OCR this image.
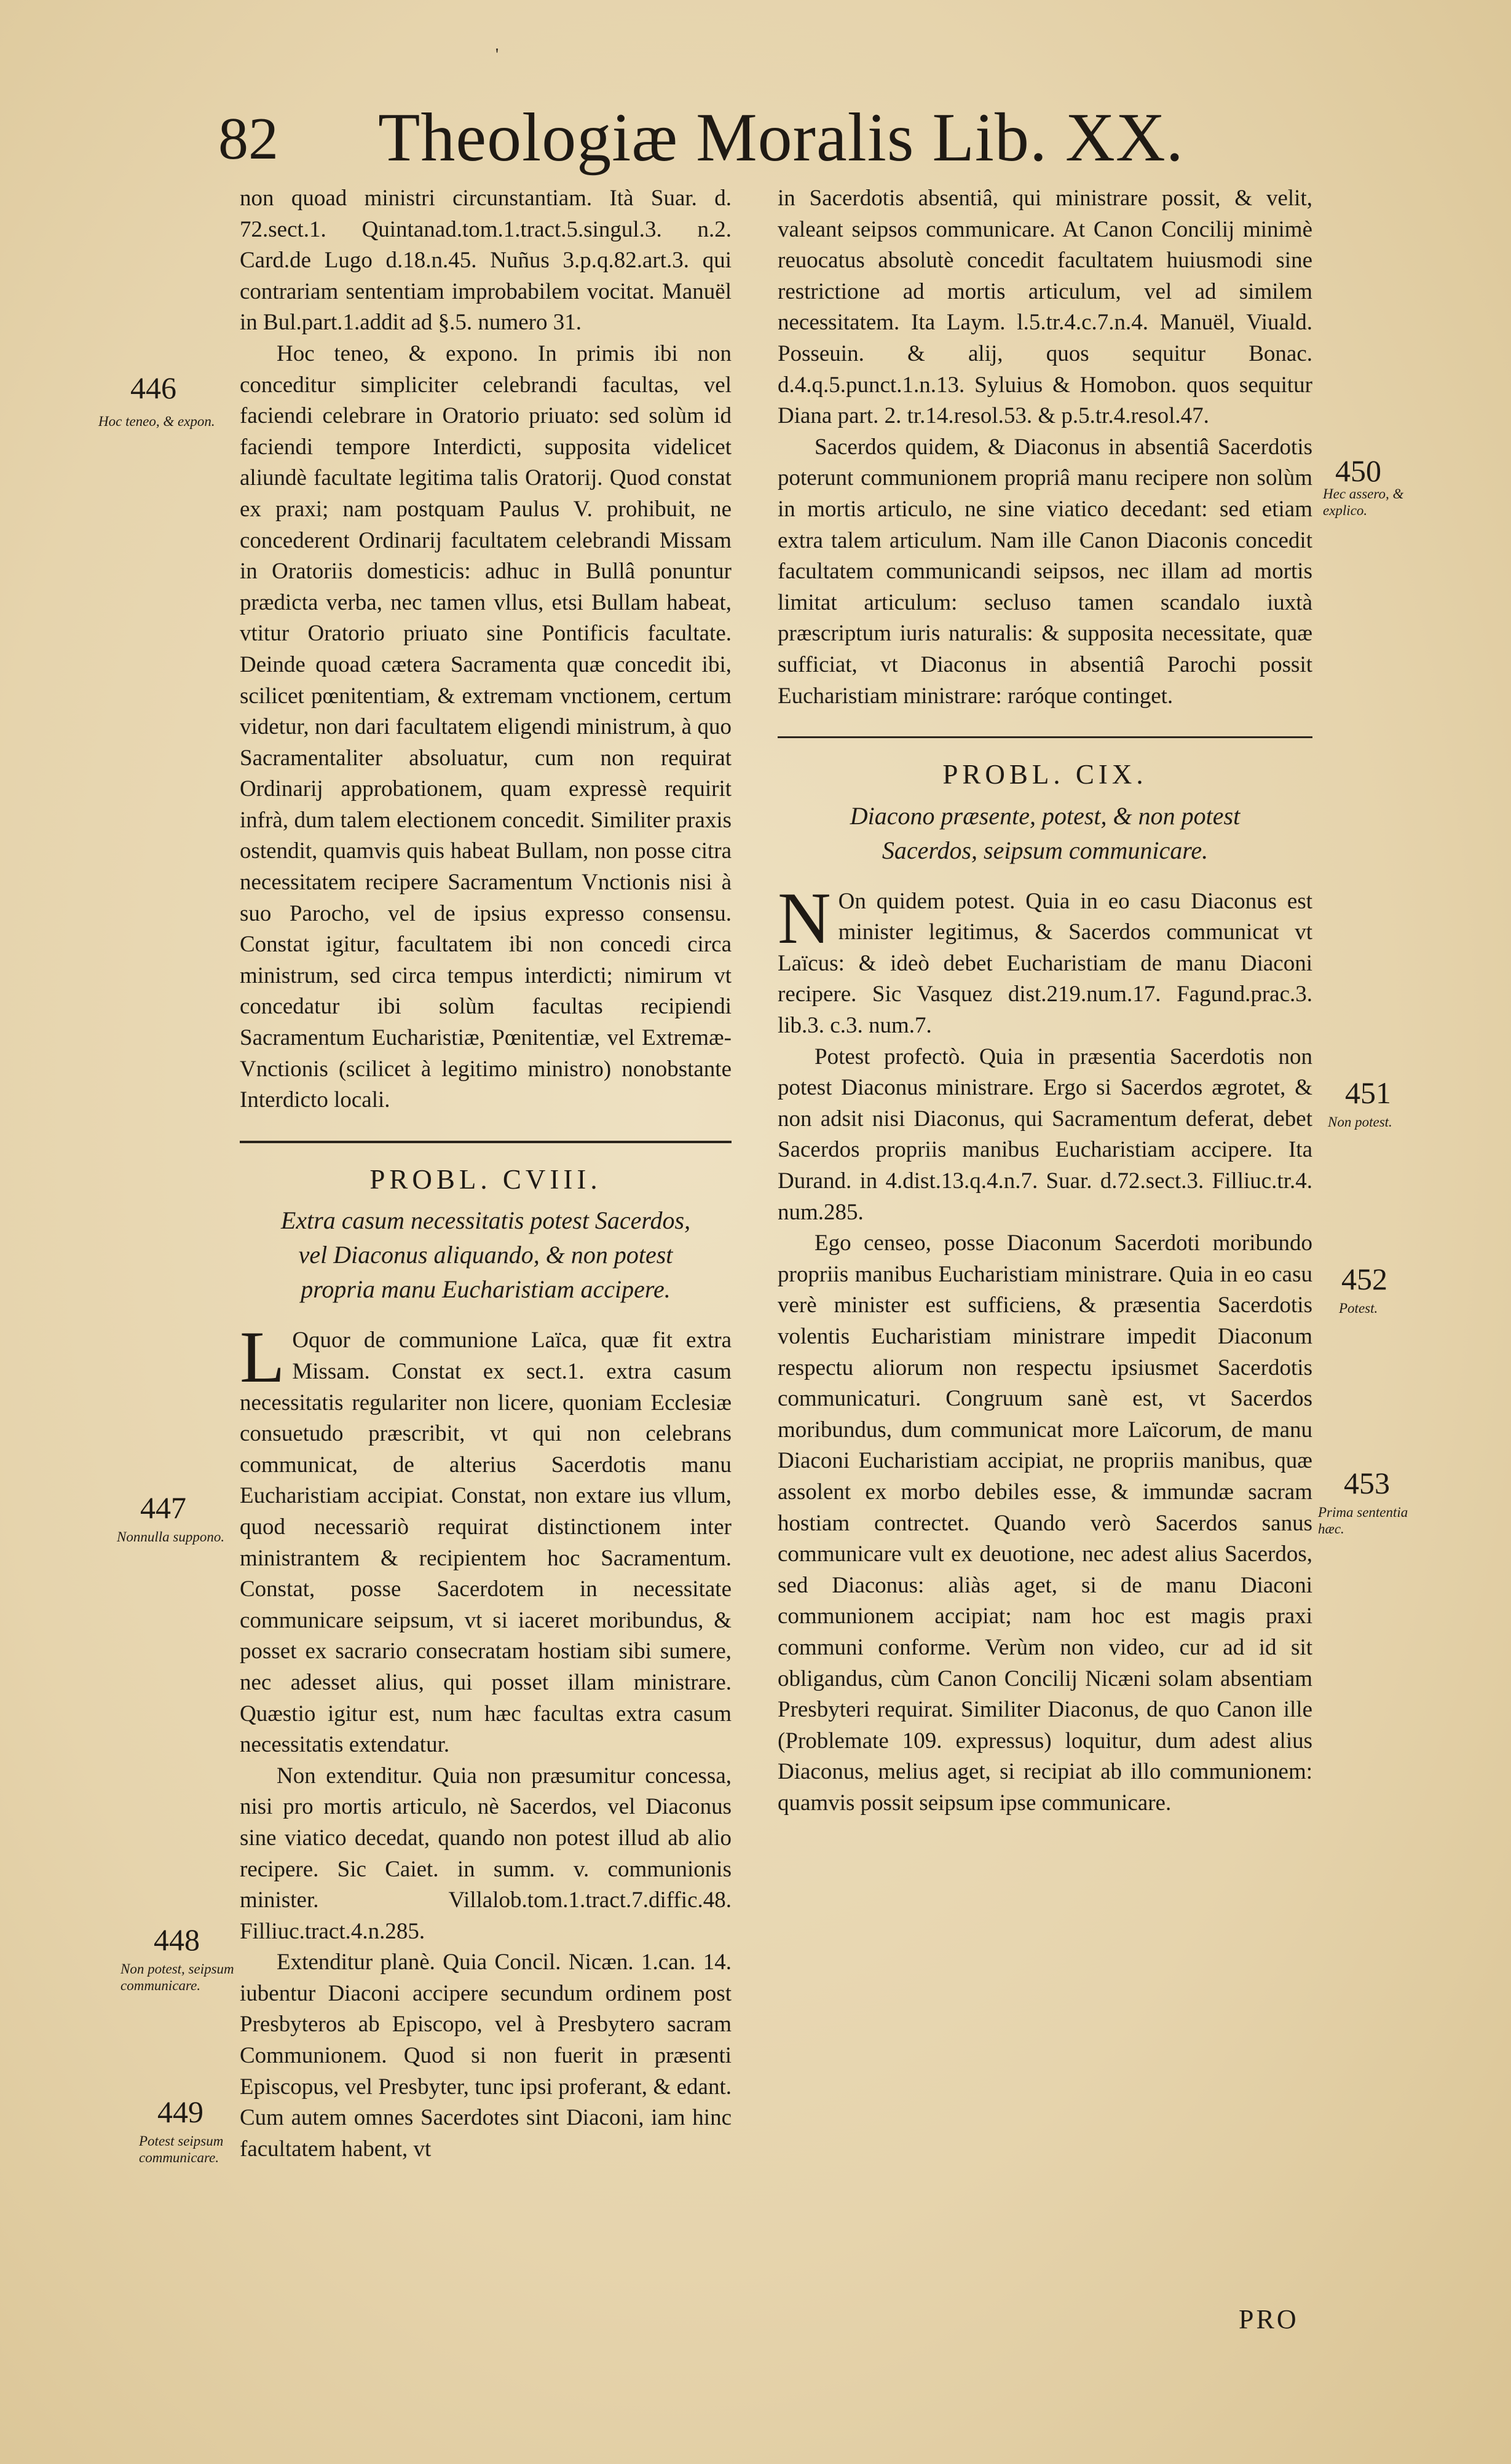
'
82 Theologiæ Moralis Lib. XX.

non quoad ministri circunstantiam. Ità Suar. d. 72.sect.1. Quintanad.tom.1.tract.5.singul.3. n.2. Card.de Lugo d.18.n.45. Nuñus 3.p.q.82.art.3. qui contrariam sententiam improbabilem vocitat. Manuël in Bul.part.1.addit ad §.5. numero 31.

Hoc teneo, & expono. In primis ibi non conceditur simpliciter celebrandi facultas, vel faciendi celebrare in Oratorio priuato: sed solùm id faciendi tempore Interdicti, supposita videlicet aliundè facultate legitima talis Oratorij. Quod constat ex praxi; nam postquam Paulus V. prohibuit, ne concederent Ordinarij facultatem celebrandi Missam in Oratoriis domesticis: adhuc in Bullâ ponuntur prædicta verba, nec tamen vllus, etsi Bullam habeat, vtitur Oratorio priuato sine Pontificis facultate. Deinde quoad cætera Sacramenta quæ concedit ibi, scilicet pœnitentiam, & extremam vnctionem, certum videtur, non dari facultatem eligendi ministrum, à quo Sacramentaliter absoluatur, cum non requirat Ordinarij approbationem, quam expressè requirit infrà, dum talem electionem concedit. Similiter praxis ostendit, quamvis quis habeat Bullam, non posse citra necessitatem recipere Sacramentum Vnctionis nisi à suo Parocho, vel de ipsius expresso consensu. Constat igitur, facultatem ibi non concedi circa ministrum, sed circa tempus interdicti; nimirum vt concedatur ibi solùm facultas recipiendi Sacramentum Eucharistiæ, Pœnitentiæ, vel Extremæ-Vnctionis (scilicet à legitimo ministro) nonobstante Interdicto locali.

PROBL. CVIII.
Extra casum necessitatis potest Sacerdos, vel Diaconus aliquando, & non potest propria manu Eucharistiam accipere.

L Oquor de communione Laïca, quæ fit extra Missam. Constat ex sect.1. extra casum necessitatis regulariter non licere, quoniam Ecclesiæ consuetudo præscribit, vt qui non celebrans communicat, de alterius Sacerdotis manu Eucharistiam accipiat. Constat, non extare ius vllum, quod necessariò requirat distinctionem inter ministrantem & recipientem hoc Sacramentum. Constat, posse Sacerdotem in necessitate communicare seipsum, vt si iaceret moribundus, & posset ex sacrario consecratam hostiam sibi sumere, nec adesset alius, qui posset illam ministrare. Quæstio igitur est, num hæc facultas extra casum necessitatis extendatur.

Non extenditur. Quia non præsumitur concessa, nisi pro mortis articulo, nè Sacerdos, vel Diaconus sine viatico decedat, quando non potest illud ab alio recipere. Sic Caiet. in summ. v. communionis minister. Villalob.tom.1.tract.7.diffic.48. Filliuc.tract.4.n.285.

Extenditur planè. Quia Concil. Nicæn. 1.can. 14. iubentur Diaconi accipere secundum ordinem post Presbyteros ab Episcopo, vel à Presbytero sacram Communionem. Quod si non fuerit in præsenti Episcopus, vel Presbyter, tunc ipsi proferant, & edant. Cum autem omnes Sacerdotes sint Diaconi, iam hinc facultatem habent, vt

in Sacerdotis absentiâ, qui ministrare possit, & velit, valeant seipsos communicare. At Canon Concilij minimè reuocatus absolutè concedit facultatem huiusmodi sine restrictione ad mortis articulum, vel ad similem necessitatem. Ita Laym. l.5.tr.4.c.7.n.4. Manuël, Viuald. Posseuin. & alij, quos sequitur Bonac. d.4.q.5.punct.1.n.13. Syluius & Homobon. quos sequitur Diana part. 2. tr.14.resol.53. & p.5.tr.4.resol.47.

Sacerdos quidem, & Diaconus in absentiâ Sacerdotis poterunt communionem propriâ manu recipere non solùm in mortis articulo, ne sine viatico decedant: sed etiam extra talem articulum. Nam ille Canon Diaconis concedit facultatem communicandi seipsos, nec illam ad mortis limitat articulum: secluso tamen scandalo iuxtà præscriptum iuris naturalis: & supposita necessitate, quæ sufficiat, vt Diaconus in absentiâ Parochi possit Eucharistiam ministrare: raróque continget.

PROBL. CIX.
Diacono præsente, potest, & non potest Sacerdos, seipsum communicare.

N On quidem potest. Quia in eo casu Diaconus est minister legitimus, & Sacerdos communicat vt Laïcus: & ideò debet Eucharistiam de manu Diaconi recipere. Sic Vasquez dist.219.num.17. Fagund.prac.3. lib.3. c.3. num.7.

Potest profectò. Quia in præsentia Sacerdotis non potest Diaconus ministrare. Ergo si Sacerdos ægrotet, & non adsit nisi Diaconus, qui Sacramentum deferat, debet Sacerdos propriis manibus Eucharistiam accipere. Ita Durand. in 4.dist.13.q.4.n.7. Suar. d.72.sect.3. Filliuc.tr.4. num.285.

Ego censeo, posse Diaconum Sacerdoti moribundo propriis manibus Eucharistiam ministrare. Quia in eo casu verè minister est sufficiens, & præsentia Sacerdotis volentis Eucharistiam ministrare impedit Diaconum respectu aliorum non respectu ipsiusmet Sacerdotis communicaturi. Congruum sanè est, vt Sacerdos moribundus, dum communicat more Laïcorum, de manu Diaconi Eucharistiam accipiat, ne propriis manibus, quæ assolent ex morbo debiles esse, & immundæ sacram hostiam contrectet. Quando verò Sacerdos sanus communicare vult ex deuotione, nec adest alius Sacerdos, sed Diaconus: aliàs aget, si de manu Diaconi communionem accipiat; nam hoc est magis praxi communi conforme. Verùm non video, cur ad id sit obligandus, cùm Canon Concilij Nicæni solam absentiam Presbyteri requirat. Similiter Diaconus, de quo Canon ille (Problemate 109. expressus) loquitur, dum adest alius Diaconus, melius aget, si recipiat ab illo communionem: quamvis possit seipsum ipse communicare.

446
Hoc teneo, & expon.
447
Nonnulla suppono.
448
Non potest, seipsum communicare.
449
Potest seipsum communicare.
450
Hec assero, & explico.
451
Non potest.
452
Potest.
453
Prima sententia hæc.
PRO
